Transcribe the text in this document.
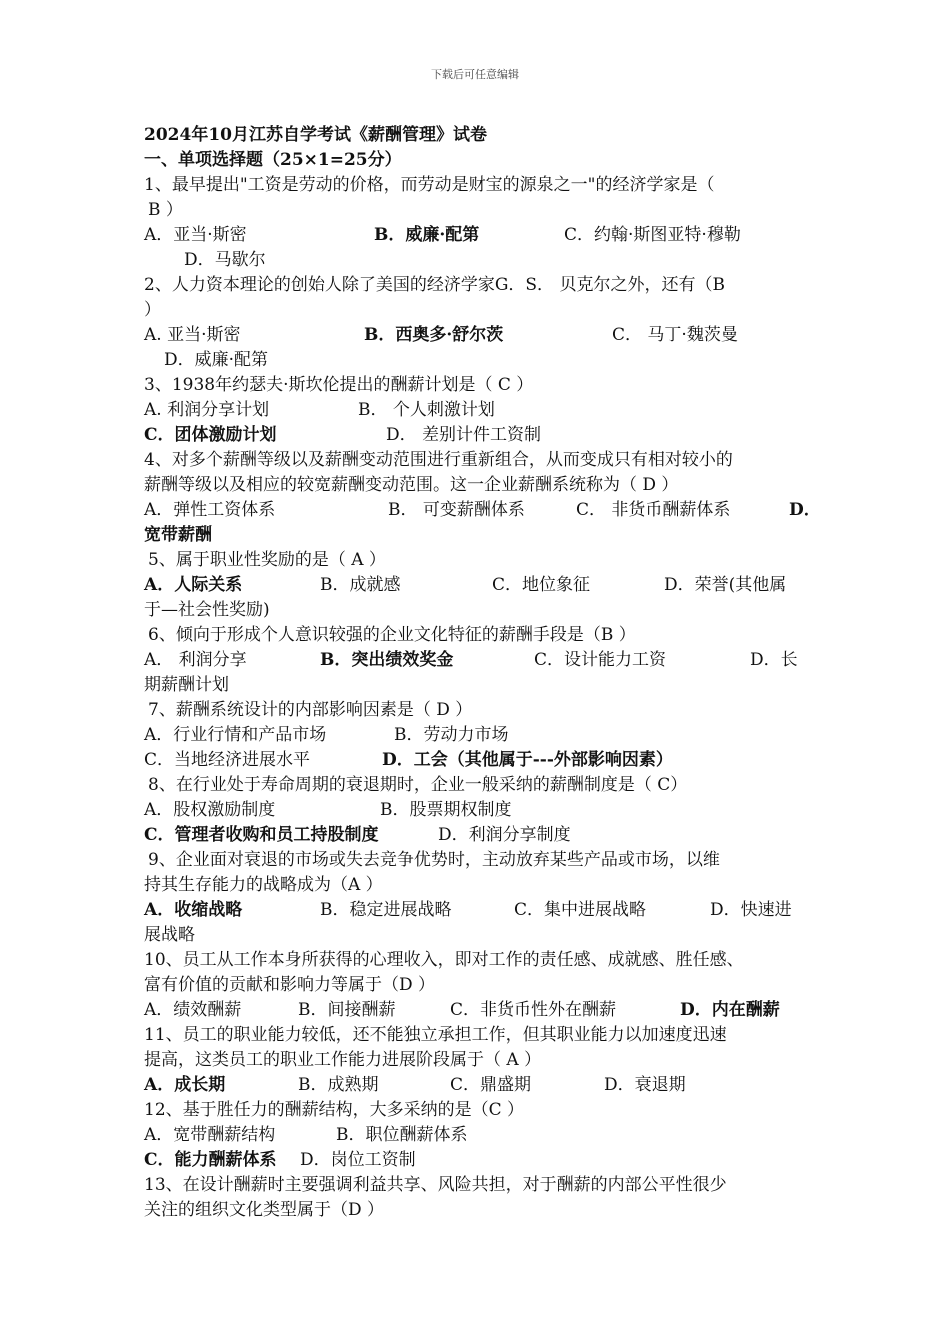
下载后可任意编辑
2024年10月江苏自学考试《薪酬管理》试卷
一、单项选择题（25×1=25分）
1、最早提出"工资是劳动的价格，而劳动是财宝的源泉之一"的经济学家是（
B ）
A．亚当·斯密	B．威廉·配第	C．约翰·斯图亚特·穆勒
D．马歇尔
2、人力资本理论的创始人除了美国的经济学家G．S． 贝克尔之外，还有（B
）
A. 亚当·斯密	B．西奥多·舒尔茨	C． 马丁·魏茨曼
D．威廉·配第
3、1938年约瑟夫·斯坎伦提出的酬薪计划是（ C ）
A. 利润分享计划	B． 个人刺激计划
C．团体激励计划	D． 差别计件工资制
4、对多个薪酬等级以及薪酬变动范围进行重新组合，从而变成只有相对较小的
薪酬等级以及相应的较宽薪酬变动范围。这一企业薪酬系统称为（ D ）
A．弹性工资体系	B． 可变薪酬体系	C． 非货币酬薪体系	D．
宽带薪酬
5、属于职业性奖励的是（ A ）
A．人际关系	B．成就感	C．地位象征	D．荣誉(其他属
于—社会性奖励)
6、倾向于形成个人意识较强的企业文化特征的薪酬手段是（B ）
A． 利润分享	B．突出绩效奖金	C．设计能力工资	D．长
期薪酬计划
7、薪酬系统设计的内部影响因素是（ D ）
A．行业行情和产品市场	B．劳动力市场
C．当地经济进展水平	D．工会（其他属于---外部影响因素）
8、在行业处于寿命周期的衰退期时，企业一般采纳的薪酬制度是（ C）
A．股权激励制度	B．股票期权制度
C．管理者收购和员工持股制度	D．利润分享制度
9、企业面对衰退的市场或失去竞争优势时，主动放弃某些产品或市场，以维
持其生存能力的战略成为（A ）
A．收缩战略	B．稳定进展战略	C．集中进展战略	D．快速进
展战略
10、员工从工作本身所获得的心理收入，即对工作的责任感、成就感、胜任感、
富有价值的贡献和影响力等属于（D ）
A．绩效酬薪	B．间接酬薪	C．非货币性外在酬薪	D．内在酬薪
11、员工的职业能力较低，还不能独立承担工作，但其职业能力以加速度迅速
提高，这类员工的职业工作能力进展阶段属于（ A ）
A．成长期	B．成熟期	C．鼎盛期	D．衰退期
12、基于胜任力的酬薪结构，大多采纳的是（C ）
A．宽带酬薪结构	B．职位酬薪体系
C．能力酬薪体系 D．岗位工资制
13、在设计酬薪时主要强调利益共享、风险共担，对于酬薪的内部公平性很少
关注的组织文化类型属于（D ）
